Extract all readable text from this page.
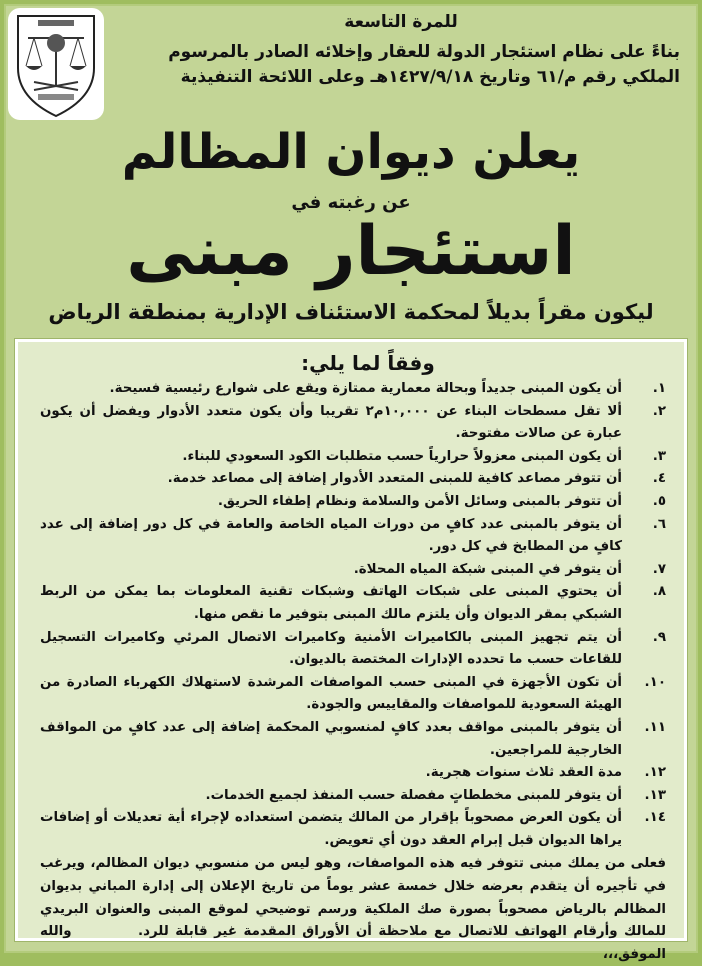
للمرة التاسعة
بناءً على نظام استئجار الدولة للعقار وإخلائه الصادر بالمرسوم الملكي رقم م/٦١ وتاريخ ١٤٢٧/٩/١٨هـ وعلى اللائحة التنفيذية
يعلن ديوان المظالم
عن رغبته في
استئجار مبنى
ليكون مقراً بديلاً لمحكمة الاستئناف الإدارية بمنطقة الرياض
وفقاً لما يلي:
١.
أن يكون المبنى جديداً وبحالة معمارية ممتازة ويقع على شوارع رئيسية فسيحة.
٢.
ألا تقل مسطحات البناء عن ١٠,٠٠٠م٢ تقريبا وأن يكون متعدد الأدوار ويفضل أن يكون عبارة عن صالات مفتوحة.
٣.
أن يكون المبنى معزولاً حرارياً حسب متطلبات الكود السعودي للبناء.
٤.
أن تتوفر مصاعد كافية للمبنى المتعدد الأدوار إضافة إلى مصاعد خدمة.
٥.
أن تتوفر بالمبنى وسائل الأمن والسلامة ونظام إطفاء الحريق.
٦.
أن يتوفر بالمبنى عدد كافٍ من دورات المياه الخاصة والعامة في كل دور إضافة إلى عدد كافٍ من المطابخ في كل دور.
٧.
أن يتوفر في المبنى شبكة المياه المحلاة.
٨.
أن يحتوي المبنى على شبكات الهاتف وشبكات تقنية المعلومات بما يمكن من الربط الشبكي بمقر الديوان وأن يلتزم مالك المبنى بتوفير ما نقص منها.
٩.
أن يتم تجهيز المبنى بالكاميرات الأمنية وكاميرات الاتصال المرئي وكاميرات التسجيل للقاعات حسب ما تحدده الإدارات المختصة بالديوان.
١٠.
أن تكون الأجهزة في المبنى حسب المواصفات المرشدة لاستهلاك الكهرباء الصادرة من الهيئة السعودية للمواصفات والمقاييس والجودة.
١١.
أن يتوفر بالمبنى مواقف بعدد كافٍ لمنسوبي المحكمة إضافة إلى عدد كافٍ من المواقف الخارجية للمراجعين.
١٢.
مدة العقد ثلاث سنوات هجرية.
١٣.
أن يتوفر للمبنى مخططاتٍ مفصلة حسب المنفذ لجميع الخدمات.
١٤.
أن يكون العرض مصحوباً بإقرار من المالك يتضمن استعداده لإجراء أية تعديلات أو إضافات يراها الديوان قبل إبرام العقد دون أي تعويض.
فعلى من يملك مبنى تتوفر فيه هذه المواصفات، وهو ليس من منسوبي ديوان المظالم، ويرغب في تأجيره أن يتقدم بعرضه خلال خمسة عشر يوماً من تاريخ الإعلان إلى إدارة المباني بديوان المظالم بالرياض مصحوباً بصورة صك الملكية ورسم توضيحي لموقع المبنى والعنوان البريدي للمالك وأرقام الهواتف للاتصال مع ملاحظة أن الأوراق المقدمة غير قابلة للرد. والله الموفق،،،
